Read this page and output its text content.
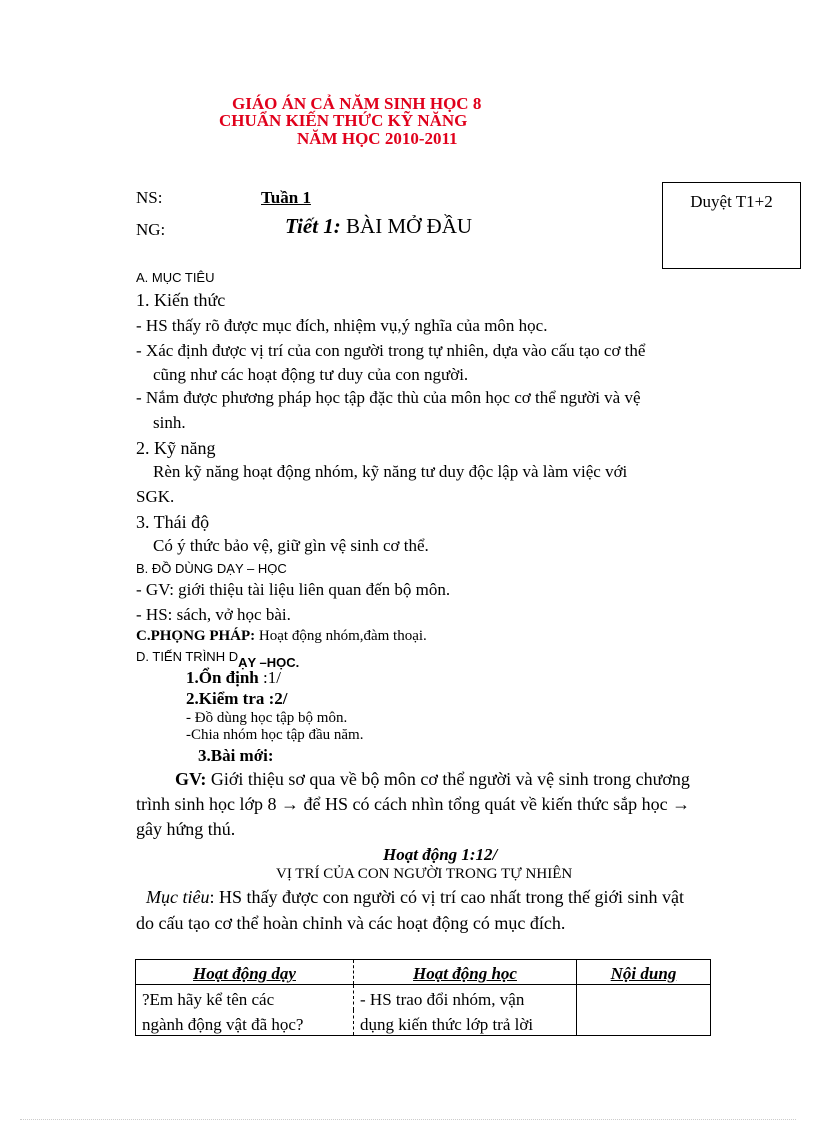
GIÁO ÁN CẢ NĂM SINH HỌC 8
CHUẨN KIẾN THỨC KỸ NĂNG
NĂM HỌC 2010-2011
NS:	Tuần 1
NG:	Tiết 1: BÀI MỞ ĐẦU
Duyệt T1+2
A. MỤC TIÊU
1. Kiến thức
- HS thấy rõ được mục đích, nhiệm vụ,ý nghĩa của môn học.
- Xác định được vị trí của con người trong tự nhiên, dựa vào cấu tạo cơ thể
cũng như các hoạt động tư duy của con người.
- Nắm được phương pháp học tập đặc thù của môn học cơ thể người và vệ
sinh.
2. Kỹ năng
Rèn kỹ năng hoạt động nhóm, kỹ năng tư duy độc lập và làm việc với
SGK.
3. Thái độ
Có ý thức bảo vệ, giữ gìn vệ sinh cơ thể.
B. ĐỒ DÙNG DẠY – HỌC
- GV: giới thiệu tài liệu liên quan đến bộ môn.
- HS: sách, vở học bài.
C.PHỌNG PHÁP: Hoạt động nhóm,đàm thoại.
D. TIẾN TRÌNH $D_{ẠY -HỌC.}$
1.Ổn định :1/
2.Kiểm tra :2/
- Đồ dùng học tập bộ môn.
-Chia nhóm học tập đầu năm.
3.Bài mới:
GV: Giới thiệu sơ qua về bộ môn cơ thể người và vệ sinh trong chương
trình sinh học lớp 8 → để HS có cách nhìn tổng quát về kiến thức sắp học →
gây hứng thú.
Hoạt động 1:12/
VỊ TRÍ CỦA CON NGƯỜI TRONG TỰ NHIÊN
Mục tiêu: HS thấy được con người có vị trí cao nhất trong thế giới sinh vật
do cấu tạo cơ thể hoàn chỉnh và các hoạt động có mục đích.
Hoạt động dạy	Hoạt động học	Nội dung
?Em hãy kể tên các	- HS trao đổi nhóm, vận	
ngành động vật đã học?	dụng kiến thức lớp trả lời	
